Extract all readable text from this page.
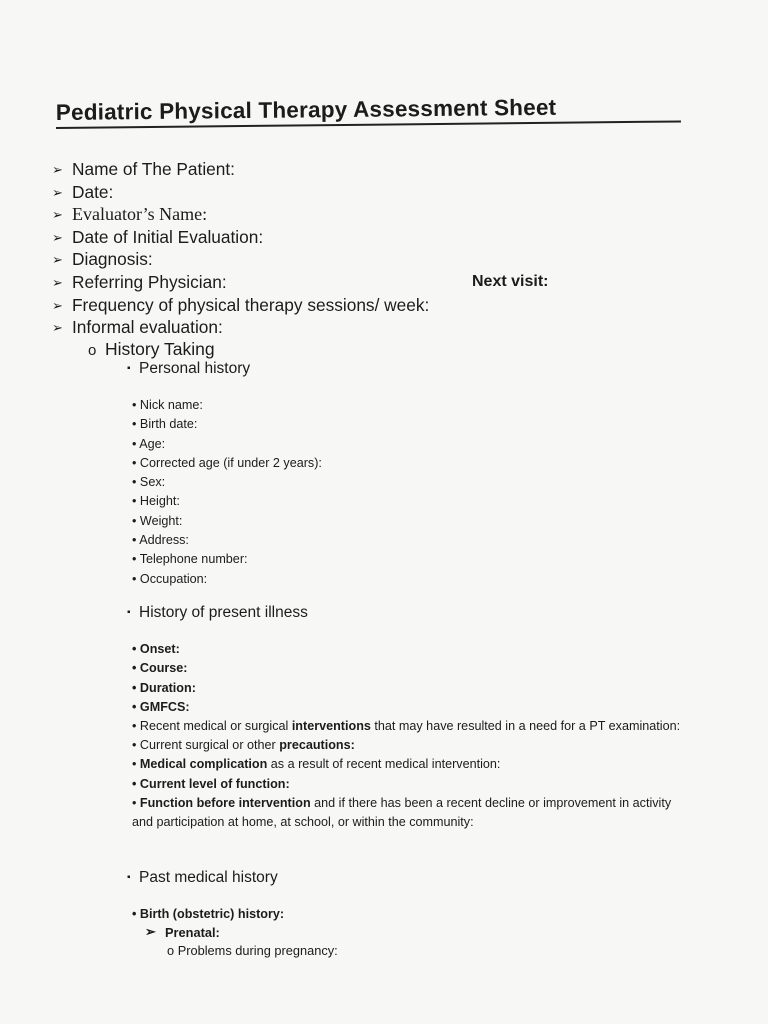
Pediatric Physical Therapy Assessment Sheet
➢ Name of The Patient:
➢ Date:
➢ Evaluator’s Name:
➢ Date of Initial Evaluation:
➢ Diagnosis:
➢ Referring Physician:	Next visit:
➢ Frequency of physical therapy sessions/ week:
➢ Informal evaluation:
o History Taking
▪ Personal history
• Nick name:
• Birth date:
• Age:
• Corrected age (if under 2 years):
• Sex:
• Height:
• Weight:
• Address:
• Telephone number:
• Occupation:
▪ History of present illness
• Onset:
• Course:
• Duration:
• GMFCS:
• Recent medical or surgical interventions that may have resulted in a need for a PT examination:
• Current surgical or other precautions:
• Medical complication as a result of recent medical intervention:
• Current level of function:
• Function before intervention and if there has been a recent decline or improvement in activity and participation at home, at school, or within the community:
▪ Past medical history
• Birth (obstetric) history:
➢ Prenatal:
o Problems during pregnancy:
